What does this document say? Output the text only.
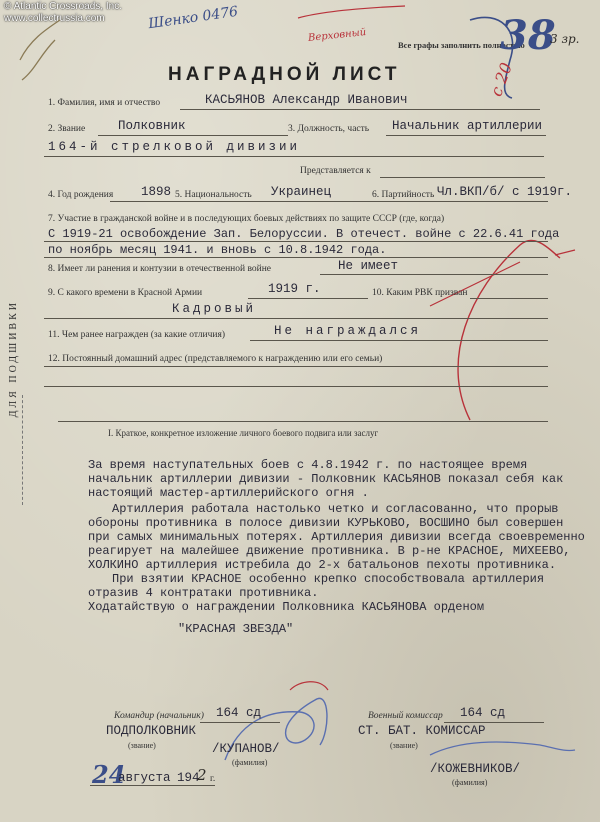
© Atlantic Crossroads, Inc.
www.collectrussia.com	Шенко 0476
Верховный
Все графы заполнить полностью
38
3 зр.
с 20
НАГРАДНОЙ ЛИСТ
1. Фамилия, имя и отчество	КАСЬЯНОВ Александр Иванович
2. Звание	Полковник	3. Должность, часть Начальник артиллерии
164-й стрелковой дивизии
Представляется к
4. Год рождения 1898 5. Национальность Украинец	6. Партийность Чл.ВКП/б/ с 1919г.
7. Участие в гражданской войне и в последующих боевых действиях по защите СССР (где, когда)
С 1919-21 освобождение Зап. Белоруссии. В отечест. войне с 22.6.41 года
по ноябрь месяц 1941. и вновь с 10.8.1942 года.
8. Имеет ли ранения и контузии в отечественной войне	Не имеет
9. С какого времени в Красной Армии	1919 г.	10. Каким РВК призван
Кадровый
11. Чем ранее награжден (за какие отличия)	Не награждался
12. Постоянный домашний адрес (представляемого к награждению или его семьи)
ДЛЯ ПОДШИВКИ
I. Краткое, конкретное изложение личного боевого подвига или заслуг
За время наступательных боев с 4.8.1942 г. по настоящее время
начальник артиллерии дивизии - Полковник КАСЬЯНОВ показал себя как
настоящий мастер-артиллерийского огня .
Артиллерия работала настолько четко и согласованно, что прорыв
обороны противника в полосе дивизии КУРЬКОВО, ВОСШИНО был совершен
при самых минимальных потерях. Артиллерия дивизии всегда своевременно
реагирует на малейшее движение противника. В р-не КРАСНОЕ, МИХЕЕВО,
ХОЛКИНО артиллерия истребила до 2-х батальонов пехоты противника.
При взятии КРАСНОЕ особенно крепко способствовала артиллерия
отразив 4 контратаки противника.
Ходатайствую о награждении Полковника КАСЬЯНОВА орденом
"КРАСНАЯ ЗВЕЗДА"
Командир (начальник) 164 сд
ПОДПОЛКОВНИК
/КУПАНОВ/
(звание)
(фамилия)
Военный комиссар 164 сд
СТ. БАТ. КОМИССАР
/КОЖЕВНИКОВ/
(звание)
(фамилия)
24
августа 194
2 г.
